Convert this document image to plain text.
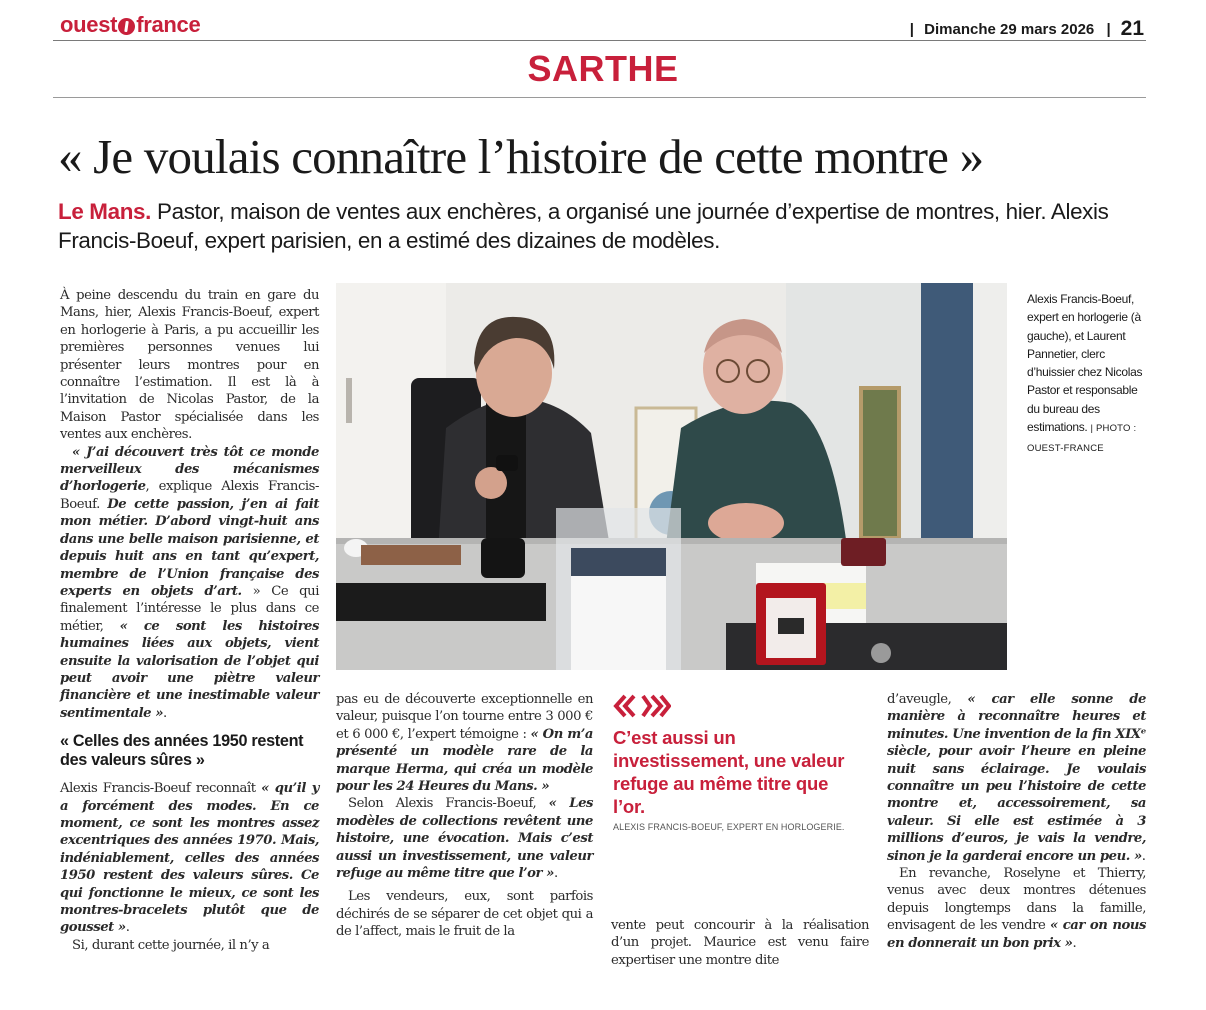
ouest france	| Dimanche 29 mars 2026 | 21
SARTHE
« Je voulais connaître l’histoire de cette montre »
Le Mans. Pastor, maison de ventes aux enchères, a organisé une journée d’expertise de montres, hier. Alexis Francis-Boeuf, expert parisien, en a estimé des dizaines de modèles.

À peine descendu du train en gare du Mans, hier, Alexis Francis-Boeuf, expert en horlogerie à Paris, a pu accueillir les premières personnes venues lui présenter leurs montres pour en connaître l’estimation. Il est là à l’invitation de Nicolas Pastor, de la Maison Pastor spécialisée dans les ventes aux enchères.

« J’ai découvert très tôt ce monde merveilleux des mécanismes d’horlogerie, explique Alexis Francis-Boeuf. De cette passion, j’en ai fait mon métier. D’abord vingt-huit ans dans une belle maison parisienne, et depuis huit ans en tant qu’expert, membre de l’Union française des experts en objets d’art. » Ce qui finalement l’intéresse le plus dans ce métier, « ce sont les histoires humaines liées aux objets, vient ensuite la valorisation de l’objet qui peut avoir une piètre valeur financière et une inestimable valeur sentimentale ».

« Celles des années 1950 restent des valeurs sûres »

Alexis Francis-Boeuf reconnaît « qu’il y a forcément des modes. En ce moment, ce sont les montres assez excentriques des années 1970. Mais, indéniablement, celles des années 1950 restent des valeurs sûres. Ce qui fonctionne le mieux, ce sont les montres-bracelets plutôt que de gousset ».

Si, durant cette journée, il n’y a

Alexis Francis-Boeuf, expert en horlogerie (à gauche), et Laurent Pannetier, clerc d’huissier chez Nicolas Pastor et responsable du bureau des estimations. | PHOTO : OUEST-FRANCE

pas eu de découverte exceptionnelle en valeur, puisque l’on tourne entre 3 000 € et 6 000 €, l’expert témoigne : « On m’a présenté un modèle rare de la marque Herma, qui créa un modèle pour les 24 Heures du Mans. »

Selon Alexis Francis-Boeuf, « Les modèles de collections revêtent une histoire, une évocation. Mais c’est aussi un investissement, une valeur refuge au même titre que l’or ».

Les vendeurs, eux, sont parfois déchirés de se séparer de cet objet qui a de l’affect, mais le fruit de la

C’est aussi un investissement, une valeur refuge au même titre que l’or.
ALEXIS FRANCIS-BOEUF, EXPERT EN HORLOGERIE.

vente peut concourir à la réalisation d’un projet. Maurice est venu faire expertiser une montre dite

d’aveugle, « car elle sonne de manière à reconnaître heures et minutes. Une invention de la fin XIXᵉ siècle, pour avoir l’heure en pleine nuit sans éclairage. Je voulais connaître un peu l’histoire de cette montre et, accessoirement, sa valeur. Si elle est estimée à 3 millions d’euros, je vais la vendre, sinon je la garderai encore un peu. ».

En revanche, Roselyne et Thierry, venus avec deux montres détenues depuis longtemps dans la famille, envisagent de les vendre « car on nous en donnerait un bon prix ».
